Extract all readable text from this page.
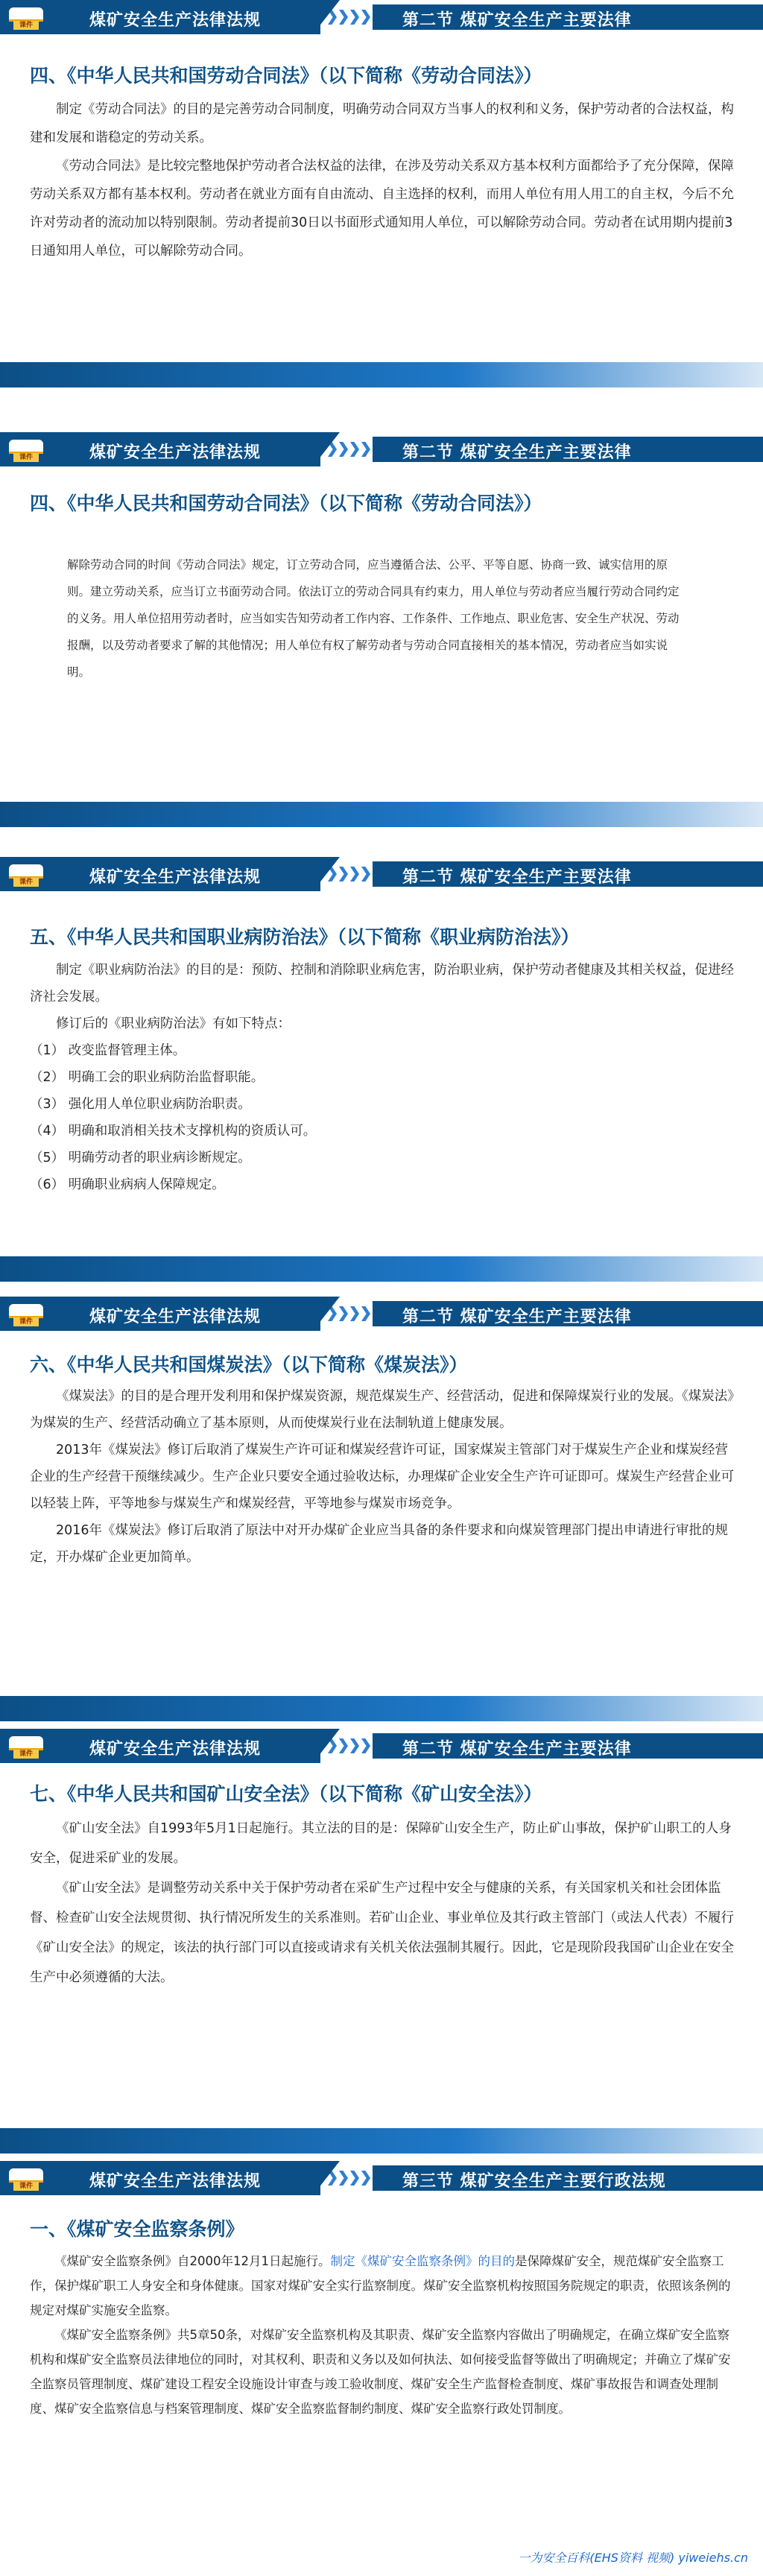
课件	煤矿安全生产法律法规	第二节 煤矿安全生产主要法律
四、《中华人民共和国劳动合同法》（以下简称《劳动合同法》）

制定《劳动合同法》的目的是完善劳动合同制度，明确劳动合同双方当事人的权利和义务，保护劳动者的合法权益，构建和发展和谐稳定的劳动关系。

《劳动合同法》是比较完整地保护劳动者合法权益的法律，在涉及劳动关系双方基本权利方面都给予了充分保障，保障劳动关系双方都有基本权利。劳动者在就业方面有自由流动、自主选择的权利，而用人单位有用人用工的自主权，今后不允许对劳动者的流动加以特别限制。劳动者提前30日以书面形式通知用人单位，可以解除劳动合同。劳动者在试用期内提前3日通知用人单位，可以解除劳动合同。

课件	煤矿安全生产法律法规	第二节 煤矿安全生产主要法律
四、《中华人民共和国劳动合同法》（以下简称《劳动合同法》）

解除劳动合同的时间《劳动合同法》规定，订立劳动合同，应当遵循合法、公平、平等自愿、协商一致、诚实信用的原则。建立劳动关系，应当订立书面劳动合同。依法订立的劳动合同具有约束力，用人单位与劳动者应当履行劳动合同约定的义务。用人单位招用劳动者时，应当如实告知劳动者工作内容、工作条件、工作地点、职业危害、安全生产状况、劳动报酬，以及劳动者要求了解的其他情况；用人单位有权了解劳动者与劳动合同直接相关的基本情况，劳动者应当如实说明。

课件	煤矿安全生产法律法规	第二节 煤矿安全生产主要法律
五、《中华人民共和国职业病防治法》（以下简称《职业病防治法》）

制定《职业病防治法》的目的是：预防、控制和消除职业病危害，防治职业病，保护劳动者健康及其相关权益，促进经济社会发展。

修订后的《职业病防治法》有如下特点：

（1） 改变监督管理主体。
（2） 明确工会的职业病防治监督职能。
（3） 强化用人单位职业病防治职责。
（4） 明确和取消相关技术支撑机构的资质认可。
（5） 明确劳动者的职业病诊断规定。
（6） 明确职业病病人保障规定。
课件	煤矿安全生产法律法规	第二节 煤矿安全生产主要法律
六、《中华人民共和国煤炭法》（以下简称《煤炭法》）

《煤炭法》的目的是合理开发利用和保护煤炭资源，规范煤炭生产、经营活动，促进和保障煤炭行业的发展。《煤炭法》为煤炭的生产、经营活动确立了基本原则，从而使煤炭行业在法制轨道上健康发展。

2013年《煤炭法》修订后取消了煤炭生产许可证和煤炭经营许可证，国家煤炭主管部门对于煤炭生产企业和煤炭经营企业的生产经营干预继续减少。生产企业只要安全通过验收达标，办理煤矿企业安全生产许可证即可。煤炭生产经营企业可以轻装上阵，平等地参与煤炭生产和煤炭经营，平等地参与煤炭市场竞争。

2016年《煤炭法》修订后取消了原法中对开办煤矿企业应当具备的条件要求和向煤炭管理部门提出申请进行审批的规定，开办煤矿企业更加简单。

课件	煤矿安全生产法律法规	第二节 煤矿安全生产主要法律
七、《中华人民共和国矿山安全法》（以下简称《矿山安全法》）

《矿山安全法》自1993年5月1日起施行。其立法的目的是：保障矿山安全生产，防止矿山事故，保护矿山职工的人身安全，促进采矿业的发展。

《矿山安全法》是调整劳动关系中关于保护劳动者在采矿生产过程中安全与健康的关系，有关国家机关和社会团体监督、检查矿山安全法规贯彻、执行情况所发生的关系准则。若矿山企业、事业单位及其行政主管部门（或法人代表）不履行《矿山安全法》的规定，该法的执行部门可以直接或请求有关机关依法强制其履行。因此，它是现阶段我国矿山企业在安全生产中必须遵循的大法。

课件	煤矿安全生产法律法规	第三节 煤矿安全生产主要行政法规
一、《煤矿安全监察条例》

《煤矿安全监察条例》自2000年12月1日起施行。制定《煤矿安全监察条例》的目的是保障煤矿安全，规范煤矿安全监察工作，保护煤矿职工人身安全和身体健康。国家对煤矿安全实行监察制度。煤矿安全监察机构按照国务院规定的职责，依照该条例的规定对煤矿实施安全监察。

《煤矿安全监察条例》共5章50条，对煤矿安全监察机构及其职责、煤矿安全监察内容做出了明确规定，在确立煤矿安全监察机构和煤矿安全监察员法律地位的同时，对其权利、职责和义务以及如何执法、如何接受监督等做出了明确规定；并确立了煤矿安全监察员管理制度、煤矿建设工程安全设施设计审查与竣工验收制度、煤矿安全生产监督检查制度、煤矿事故报告和调查处理制度、煤矿安全监察信息与档案管理制度、煤矿安全监察监督制约制度、煤矿安全监察行政处罚制度。

一为安全百科(EHS资料 视频) yiweiehs.cn
